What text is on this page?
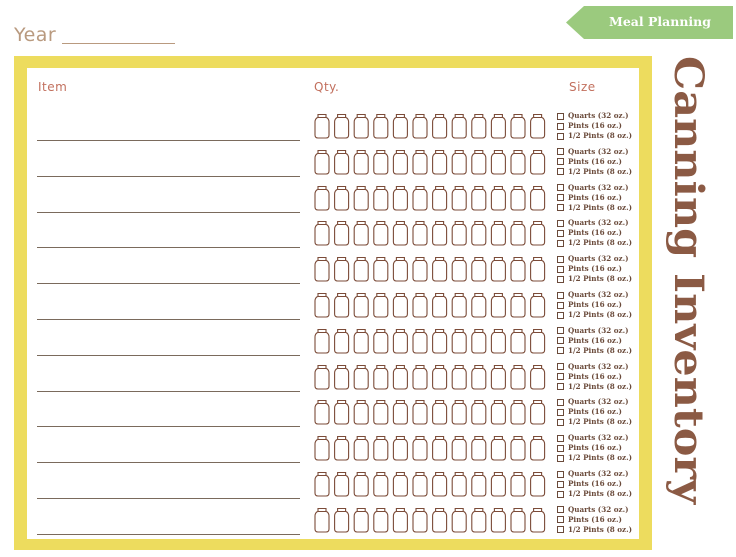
Year
Meal Planning
Item	Qty.	Size
Quarts (32 oz.)
Pints (16 oz.)
1/2 Pints (8 oz.)
Quarts (32 oz.)
Pints (16 oz.)
1/2 Pints (8 oz.)
Quarts (32 oz.)
Pints (16 oz.)
1/2 Pints (8 oz.)
Quarts (32 oz.)
Pints (16 oz.)
1/2 Pints (8 oz.)
Quarts (32 oz.)
Pints (16 oz.)
1/2 Pints (8 oz.)
Quarts (32 oz.)
Pints (16 oz.)
1/2 Pints (8 oz.)
Quarts (32 oz.)
Pints (16 oz.)
1/2 Pints (8 oz.)
Quarts (32 oz.)
Pints (16 oz.)
1/2 Pints (8 oz.)
Quarts (32 oz.)
Pints (16 oz.)
1/2 Pints (8 oz.)
Quarts (32 oz.)
Pints (16 oz.)
1/2 Pints (8 oz.)
Quarts (32 oz.)
Pints (16 oz.)
1/2 Pints (8 oz.)
Quarts (32 oz.)
Pints (16 oz.)
1/2 Pints (8 oz.)
Canning Inventory
